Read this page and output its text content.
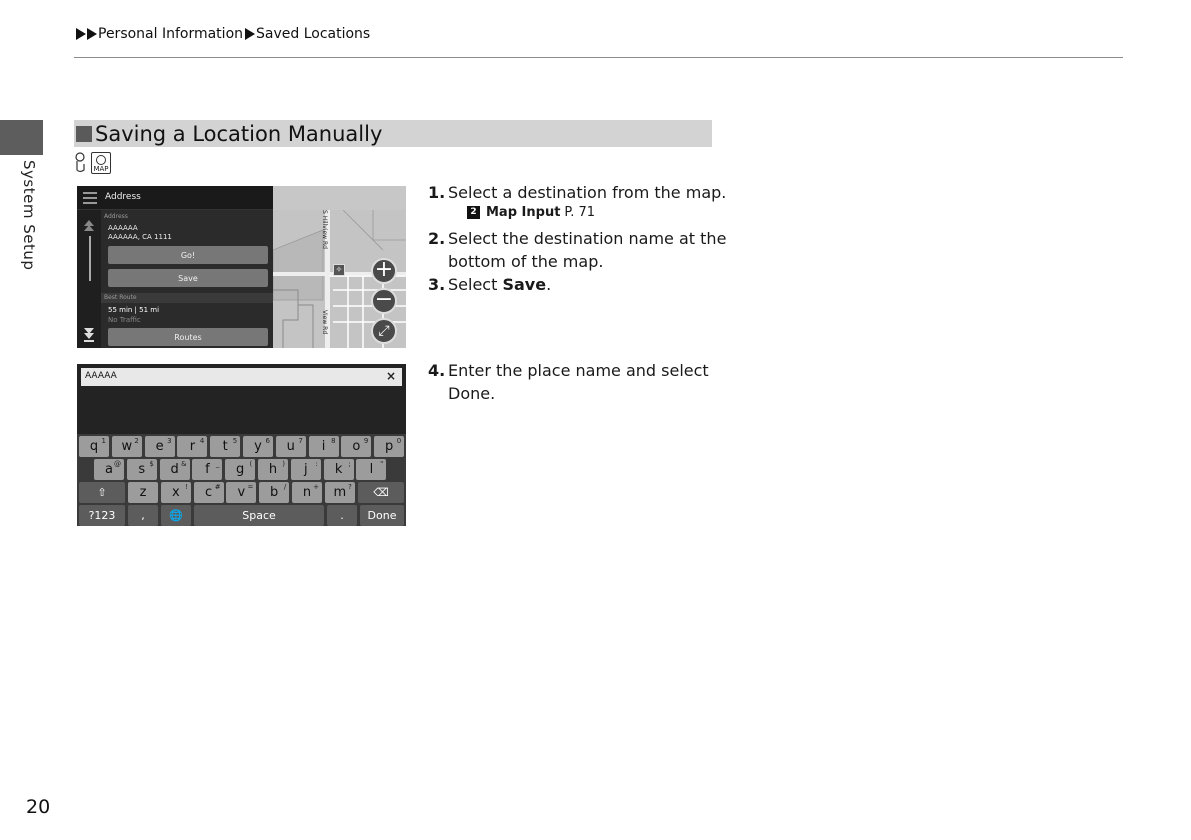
Personal Information Saved Locations
System Setup
Saving a Location Manually
MAP
Address
Address
AAAAAA
AAAAAA, CA 1111
Go!
Save
Best Route
55 min | 51 mi
No Traffic
Routes
S Hillview Rd
View Rd
✧ +
−
⤢
AAAAA	×
q $^1$ w $^2$ e $^3$ r $^4$ t $^5$ y $^6$ u $^7$ i $^8$ o $^9$ p $^0$
a@ s $ d & f _ g ( h ) j : k ; l "
z x ! c # v = b / n + m ?
⇧	⌫
?123	,	🌐	Space	.	Done
1. Select a destination from the map.
2 Map Input P. 71
2. Select the destination name at the
bottom of the map.
3. Select Save.
4. Enter the place name and select
Done.
20
